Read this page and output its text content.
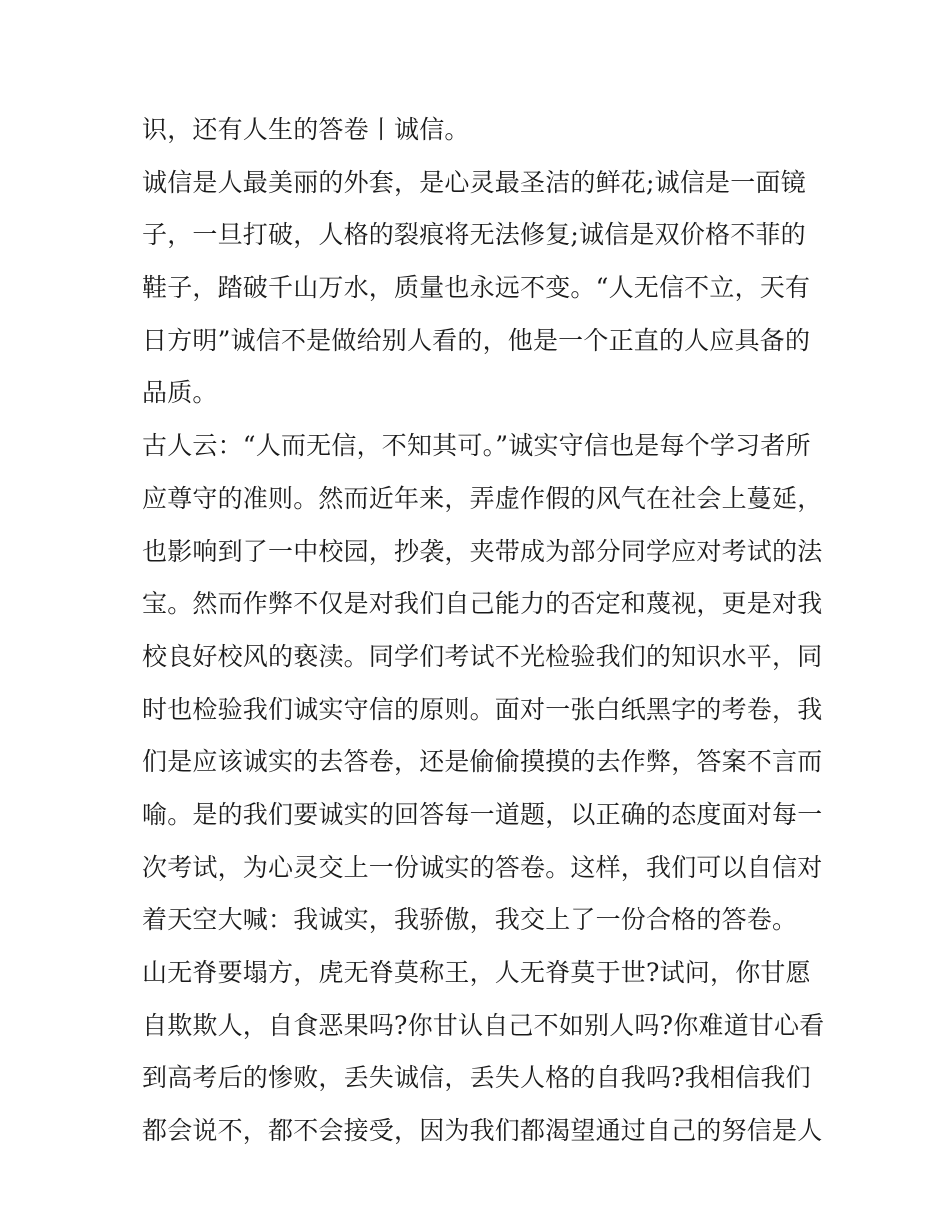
识，还有人生的答卷丨诚信。
诚信是人最美丽的外套，是心灵最圣洁的鲜花;诚信是一面镜
子，一旦打破，人格的裂痕将无法修复;诚信是双价格不菲的
鞋子，踏破千山万水，质量也永远不变。“人无信不立，天有
日方明”诚信不是做给别人看的，他是一个正直的人应具备的
品质。
古人云：“人而无信，不知其可。”诚实守信也是每个学习者所
应尊守的准则。然而近年来，弄虚作假的风气在社会上蔓延，
也影响到了一中校园，抄袭，夹带成为部分同学应对考试的法
宝。然而作弊不仅是对我们自己能力的否定和蔑视，更是对我
校良好校风的亵渎。同学们考试不光检验我们的知识水平，同
时也检验我们诚实守信的原则。面对一张白纸黑字的考卷，我
们是应该诚实的去答卷，还是偷偷摸摸的去作弊，答案不言而
喻。是的我们要诚实的回答每一道题，以正确的态度面对每一
次考试，为心灵交上一份诚实的答卷。这样，我们可以自信对
着天空大喊：我诚实，我骄傲，我交上了一份合格的答卷。
山无脊要塌方，虎无脊莫称王，人无脊莫于世?试问，你甘愿
自欺欺人，自食恶果吗?你甘认自己不如别人吗?你难道甘心看
到高考后的惨败，丢失诚信，丢失人格的自我吗?我相信我们
都会说不，都不会接受，因为我们都渴望通过自己的努信是人
